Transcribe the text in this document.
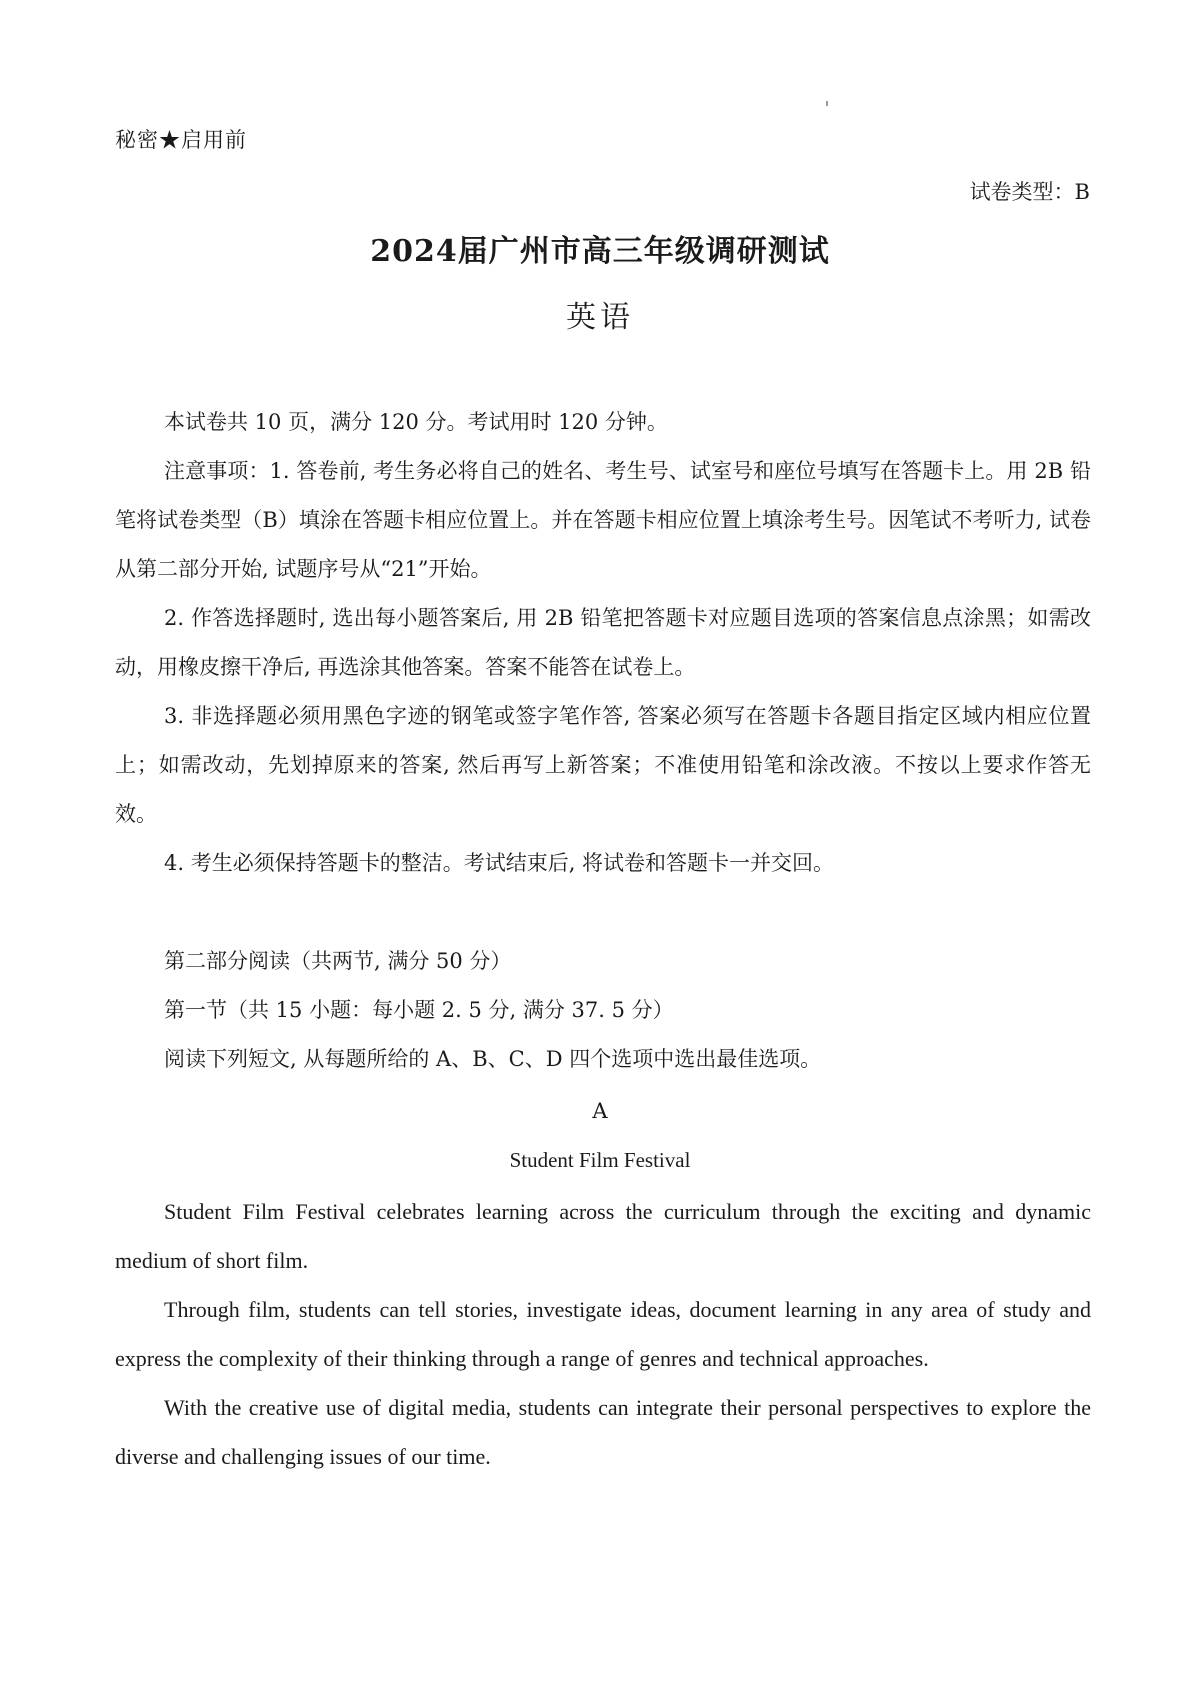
秘密★启用前
试卷类型：B
2024届广州市高三年级调研测试
英语

本试卷共 10 页，满分 120 分。考试用时 120 分钟。

注意事项：1. 答卷前, 考生务必将自己的姓名、考生号、试室号和座位号填写在答题卡上。用 2B 铅笔将试卷类型（B）填涂在答题卡相应位置上。并在答题卡相应位置上填涂考生号。因笔试不考听力, 试卷从第二部分开始, 试题序号从“21”开始。

2. 作答选择题时, 选出每小题答案后, 用 2B 铅笔把答题卡对应题目选项的答案信息点涂黑；如需改动，用橡皮擦干净后, 再选涂其他答案。答案不能答在试卷上。

3. 非选择题必须用黑色字迹的钢笔或签字笔作答, 答案必须写在答题卡各题目指定区域内相应位置上；如需改动，先划掉原来的答案, 然后再写上新答案；不准使用铅笔和涂改液。不按以上要求作答无效。

4. 考生必须保持答题卡的整洁。考试结束后, 将试卷和答题卡一并交回。

第二部分阅读（共两节, 满分 50 分）

第一节（共 15 小题：每小题 2. 5 分, 满分 37. 5 分）

阅读下列短文, 从每题所给的 A、B、C、D 四个选项中选出最佳选项。

A
Student Film Festival

Student Film Festival celebrates learning across the curriculum through the exciting and dynamic medium of short film.

Through film, students can tell stories, investigate ideas, document learning in any area of study and express the complexity of their thinking through a range of genres and technical approaches.

With the creative use of digital media, students can integrate their personal perspectives to explore the diverse and challenging issues of our time.
